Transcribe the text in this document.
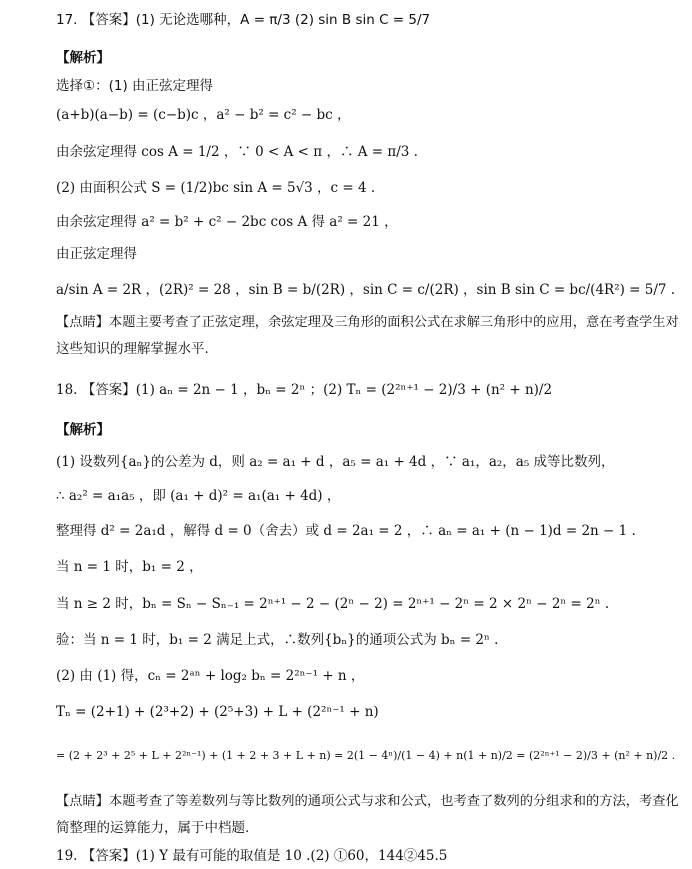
17. 【答案】(1) 无论选哪种，A = π/3 (2) sin B sin C = 5/7
【解析】
选择①：(1) 由正弦定理得
(a+b)(a−b) = (c−b)c ，a² − b² = c² − bc ，
由余弦定理得 cos A = 1/2 ，∵ 0 < A < π ，∴ A = π/3 .
(2) 由面积公式 S = (1/2)bc sin A = 5√3 ，c = 4 .
由余弦定理得 a² = b² + c² − 2bc cos A 得 a² = 21 ，
由正弦定理得
a/sin A = 2R ，(2R)² = 28 ，sin B = b/(2R) ，sin C = c/(2R) ，sin B sin C = bc/(4R²) = 5/7 .
【点睛】本题主要考查了正弦定理，余弦定理及三角形的面积公式在求解三角形中的应用，意在考查学生对
这些知识的理解掌握水平.
18. 【答案】(1) aₙ = 2n − 1 ，bₙ = 2ⁿ ；(2) Tₙ = (2²ⁿ⁺¹ − 2)/3 + (n² + n)/2
【解析】
(1) 设数列{aₙ}的公差为 d，则 a₂ = a₁ + d ，a₅ = a₁ + 4d ，∵ a₁，a₂，a₅ 成等比数列，
∴ a₂² = a₁a₅ ，即 (a₁ + d)² = a₁(a₁ + 4d) ，
整理得 d² = 2a₁d ，解得 d = 0（舍去）或 d = 2a₁ = 2 ，∴ aₙ = a₁ + (n − 1)d = 2n − 1 .
当 n = 1 时，b₁ = 2 ，
当 n ≥ 2 时，bₙ = Sₙ − Sₙ₋₁ = 2ⁿ⁺¹ − 2 − (2ⁿ − 2) = 2ⁿ⁺¹ − 2ⁿ = 2 × 2ⁿ − 2ⁿ = 2ⁿ .
验：当 n = 1 时，b₁ = 2 满足上式，∴数列{bₙ}的通项公式为 bₙ = 2ⁿ .
(2) 由 (1) 得，cₙ = 2ᵃⁿ + log₂ bₙ = 2²ⁿ⁻¹ + n ，
Tₙ = (2+1) + (2³+2) + (2⁵+3) + L + (2²ⁿ⁻¹ + n)
= (2 + 2³ + 2⁵ + L + 2²ⁿ⁻¹) + (1 + 2 + 3 + L + n) = 2(1 − 4ⁿ)/(1 − 4) + n(1 + n)/2 = (2²ⁿ⁺¹ − 2)/3 + (n² + n)/2 .
【点睛】本题考查了等差数列与等比数列的通项公式与求和公式，也考查了数列的分组求和的方法，考查化
简整理的运算能力，属于中档题.
19. 【答案】(1) Y 最有可能的取值是 10 .(2) ①60，144②45.5
